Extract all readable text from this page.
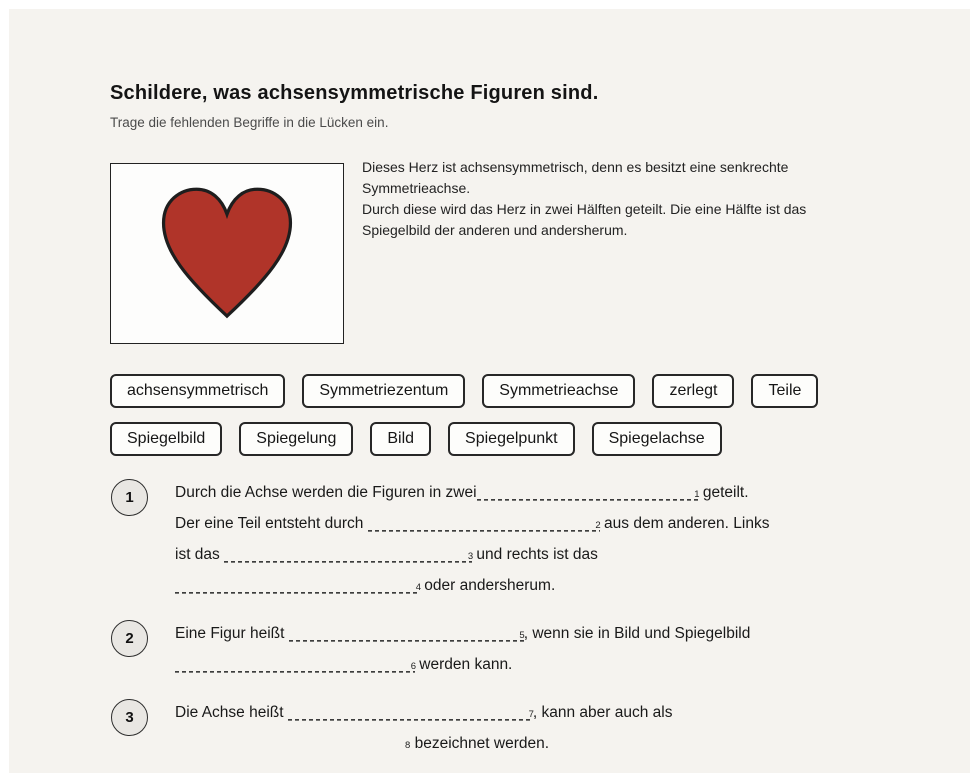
Schildere, was achsensymmetrische Figuren sind.

Trage die fehlenden Begriffe in die Lücken ein.

Dieses Herz ist achsensymmetrisch, denn es besitzt eine senkrechte Symmetrieachse.

Durch diese wird das Herz in zwei Hälften geteilt. Die eine Hälfte ist das Spiegelbild der anderen und andersherum.

achsensymmetrisch	Symmetriezentum	Symmetrieachse	zerlegt	Teile
Spiegelbild	Spiegelung	Bild	Spiegelpunkt	Spiegelachse
1	Durch die Achse werden die Figuren in zwei	1 geteilt.
Der eine Teil entsteht durch	2 aus dem anderen. Links
ist das	3 und rechts ist das
4 oder andersherum.
2	Eine Figur heißt	5 , wenn sie in Bild und Spiegelbild
6 werden kann.
3	Die Achse heißt	7 , kann aber auch als
8 bezeichnet werden.
